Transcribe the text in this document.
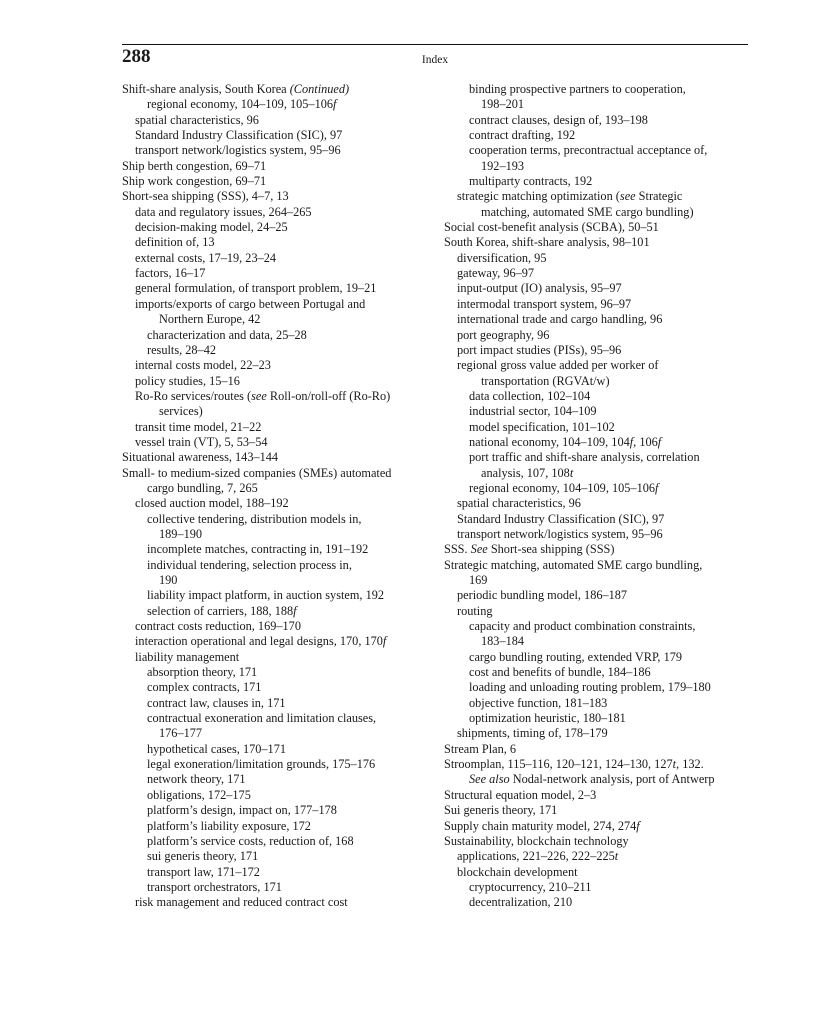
288	Index
Shift-share analysis, South Korea (Continued)
regional economy, 104–109, 105–106f
spatial characteristics, 96
Standard Industry Classification (SIC), 97
transport network/logistics system, 95–96
Ship berth congestion, 69–71
Ship work congestion, 69–71
Short-sea shipping (SSS), 4–7, 13
data and regulatory issues, 264–265
decision-making model, 24–25
definition of, 13
external costs, 17–19, 23–24
factors, 16–17
general formulation, of transport problem, 19–21
imports/exports of cargo between Portugal and
Northern Europe, 42
characterization and data, 25–28
results, 28–42
internal costs model, 22–23
policy studies, 15–16
Ro-Ro services/routes (see Roll-on/roll-off (Ro-Ro)
services)
transit time model, 21–22
vessel train (VT), 5, 53–54
Situational awareness, 143–144
Small- to medium-sized companies (SMEs) automated
cargo bundling, 7, 265
closed auction model, 188–192
collective tendering, distribution models in,
189–190
incomplete matches, contracting in, 191–192
individual tendering, selection process in,
190
liability impact platform, in auction system, 192
selection of carriers, 188, 188f
contract costs reduction, 169–170
interaction operational and legal designs, 170, 170f
liability management
absorption theory, 171
complex contracts, 171
contract law, clauses in, 171
contractual exoneration and limitation clauses,
176–177
hypothetical cases, 170–171
legal exoneration/limitation grounds, 175–176
network theory, 171
obligations, 172–175
platform’s design, impact on, 177–178
platform’s liability exposure, 172
platform’s service costs, reduction of, 168
sui generis theory, 171
transport law, 171–172
transport orchestrators, 171
risk management and reduced contract cost
binding prospective partners to cooperation,
198–201
contract clauses, design of, 193–198
contract drafting, 192
cooperation terms, precontractual acceptance of,
192–193
multiparty contracts, 192
strategic matching optimization (see Strategic
matching, automated SME cargo bundling)
Social cost-benefit analysis (SCBA), 50–51
South Korea, shift-share analysis, 98–101
diversification, 95
gateway, 96–97
input-output (IO) analysis, 95–97
intermodal transport system, 96–97
international trade and cargo handling, 96
port geography, 96
port impact studies (PISs), 95–96
regional gross value added per worker of
transportation (RGVAt/w)
data collection, 102–104
industrial sector, 104–109
model specification, 101–102
national economy, 104–109, 104f, 106f
port traffic and shift-share analysis, correlation
analysis, 107, 108t
regional economy, 104–109, 105–106f
spatial characteristics, 96
Standard Industry Classification (SIC), 97
transport network/logistics system, 95–96
SSS. See Short-sea shipping (SSS)
Strategic matching, automated SME cargo bundling,
169
periodic bundling model, 186–187
routing
capacity and product combination constraints,
183–184
cargo bundling routing, extended VRP, 179
cost and benefits of bundle, 184–186
loading and unloading routing problem, 179–180
objective function, 181–183
optimization heuristic, 180–181
shipments, timing of, 178–179
Stream Plan, 6
Stroomplan, 115–116, 120–121, 124–130, 127t, 132.
See also Nodal-network analysis, port of Antwerp
Structural equation model, 2–3
Sui generis theory, 171
Supply chain maturity model, 274, 274f
Sustainability, blockchain technology
applications, 221–226, 222–225t
blockchain development
cryptocurrency, 210–211
decentralization, 210
